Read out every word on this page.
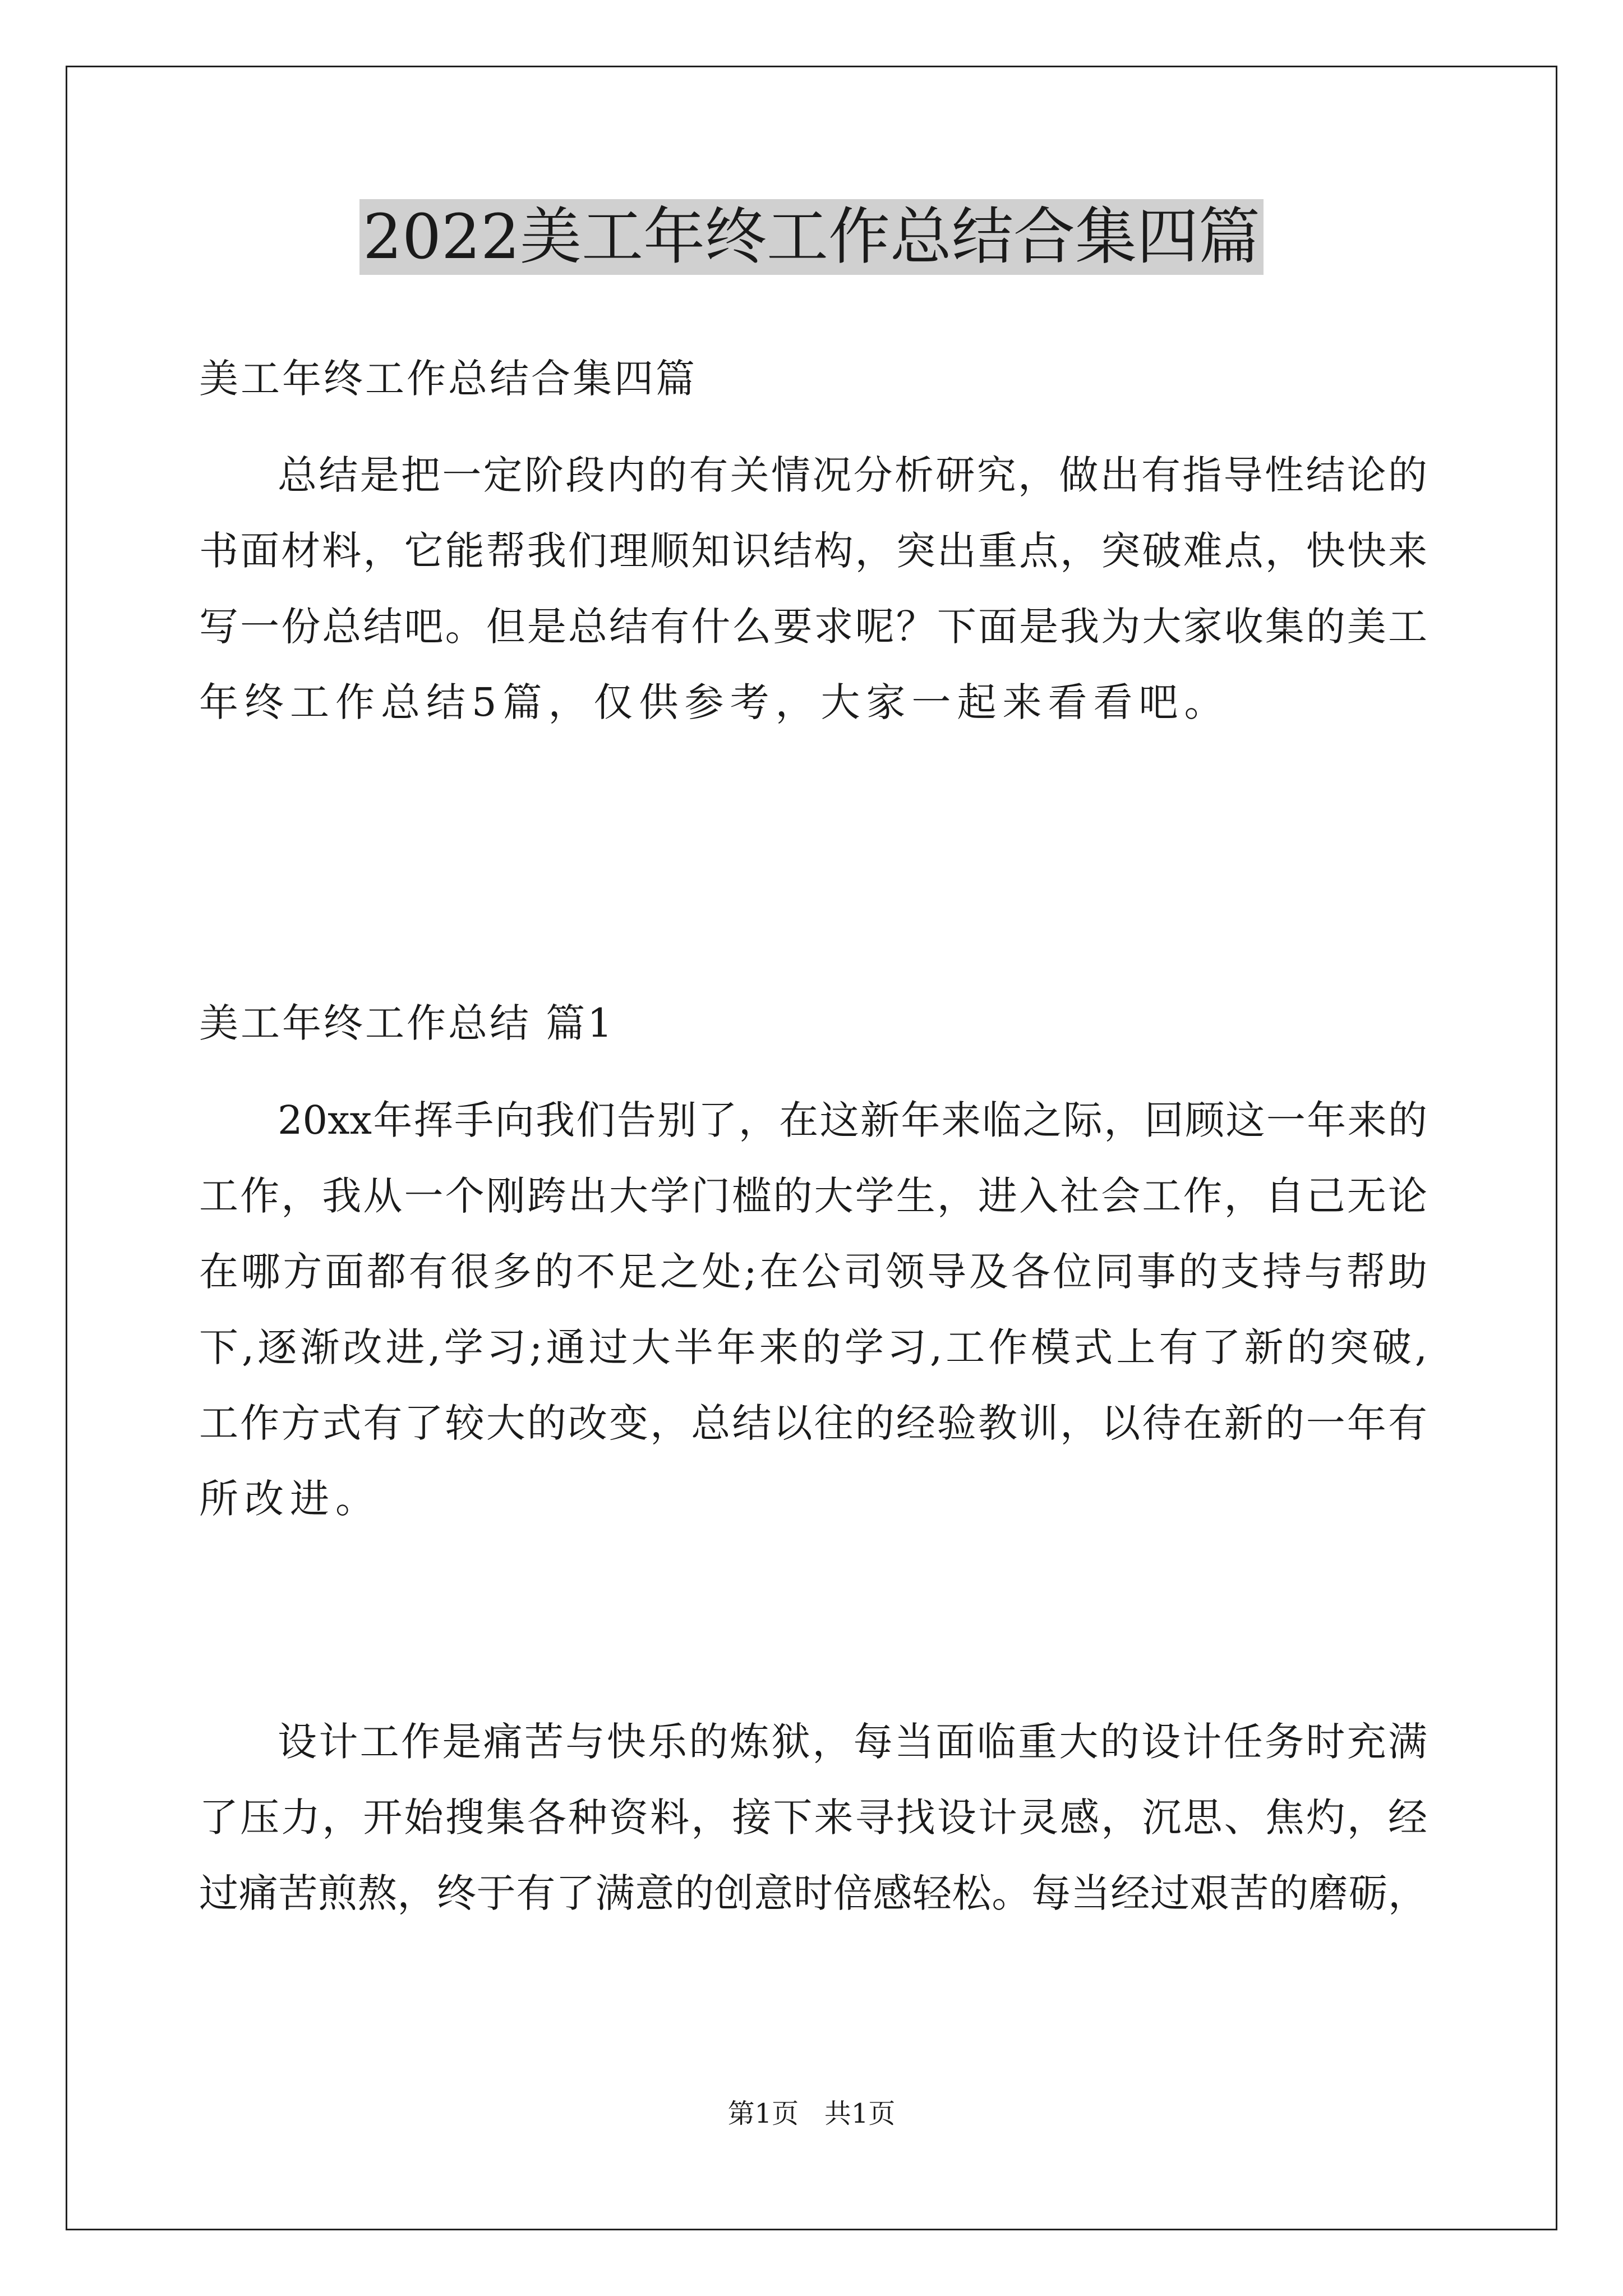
2022美工年终工作总结合集四篇
美工年终工作总结合集四篇
总结是把一定阶段内的有关情况分析研究，做出有指导性结论的
书面材料，它能帮我们理顺知识结构，突出重点，突破难点，快快来
写一份总结吧。但是总结有什么要求呢？下面是我为大家收集的美工
年终工作总结5篇，仅供参考，大家一起来看看吧。
美工年终工作总结 篇1
20xx年挥手向我们告别了，在这新年来临之际，回顾这一年来的
工作，我从一个刚跨出大学门槛的大学生，进入社会工作，自己无论
在哪方面都有很多的不足之处;在公司领导及各位同事的支持与帮助
下,逐渐改进,学习;通过大半年来的学习,工作模式上有了新的突破,
工作方式有了较大的改变，总结以往的经验教训，以待在新的一年有
所改进。
设计工作是痛苦与快乐的炼狱，每当面临重大的设计任务时充满
了压力，开始搜集各种资料，接下来寻找设计灵感，沉思、焦灼，经
过痛苦煎熬，终于有了满意的创意时倍感轻松。每当经过艰苦的磨砺，
第1页   共1页
